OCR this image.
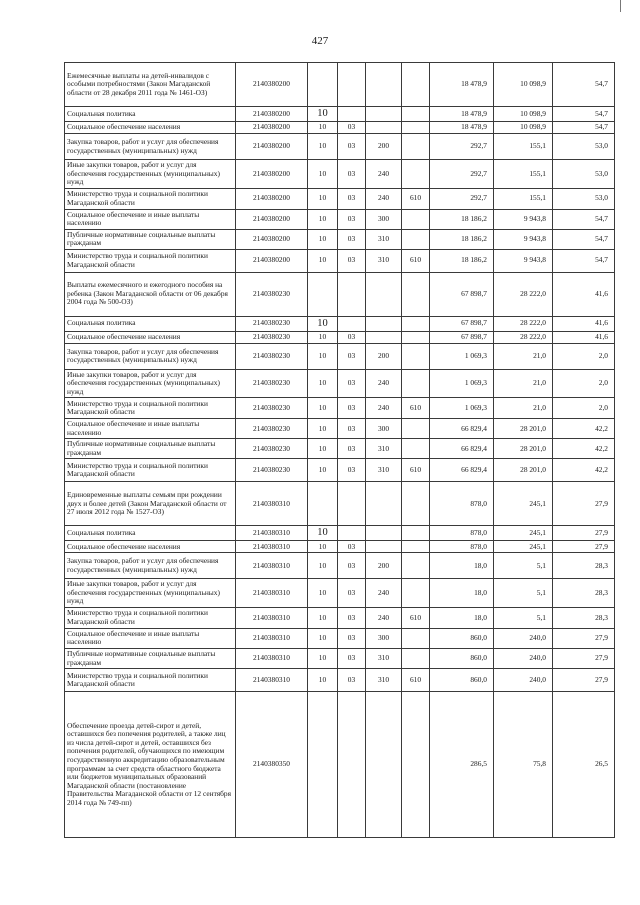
427
Ежемесячные выплаты на детей-инвалидов с особыми потребностями (Закон Магаданской области от 28 декабря 2011 года № 1461-ОЗ)	2140380200					18 478,9	10 098,9	54,7
Социальная политика	2140380200	10				18 478,9	10 098,9	54,7
Социальное обеспечение населения	2140380200	10	03			18 478,9	10 098,9	54,7
Закупка товаров, работ и услуг для обеспечения государственных (муниципальных) нужд	2140380200	10	03	200		292,7	155,1	53,0
Иные закупки товаров, работ и услуг для обеспечения государственных (муниципальных) нужд	2140380200	10	03	240		292,7	155,1	53,0
Министерство труда и социальной политики Магаданской области	2140380200	10	03	240	610	292,7	155,1	53,0
Социальное обеспечение и иные выплаты населению	2140380200	10	03	300		18 186,2	9 943,8	54,7
Публичные нормативные социальные выплаты гражданам	2140380200	10	03	310		18 186,2	9 943,8	54,7
Министерство труда и социальной политики Магаданской области	2140380200	10	03	310	610	18 186,2	9 943,8	54,7
Выплаты ежемесячного и ежегодного пособия на ребенка (Закон Магаданской области от 06 декабря 2004 года № 500-ОЗ)	2140380230					67 898,7	28 222,0	41,6
Социальная политика	2140380230	10				67 898,7	28 222,0	41,6
Социальное обеспечение населения	2140380230	10	03			67 898,7	28 222,0	41,6
Закупка товаров, работ и услуг для обеспечения государственных (муниципальных) нужд	2140380230	10	03	200		1 069,3	21,0	2,0
Иные закупки товаров, работ и услуг для обеспечения государственных (муниципальных) нужд	2140380230	10	03	240		1 069,3	21,0	2,0
Министерство труда и социальной политики Магаданской области	2140380230	10	03	240	610	1 069,3	21,0	2,0
Социальное обеспечение и иные выплаты населению	2140380230	10	03	300		66 829,4	28 201,0	42,2
Публичные нормативные социальные выплаты гражданам	2140380230	10	03	310		66 829,4	28 201,0	42,2
Министерство труда и социальной политики Магаданской области	2140380230	10	03	310	610	66 829,4	28 201,0	42,2
Единовременные выплаты семьям при рождении двух и более детей (Закон Магаданской области от 27 июля 2012 года № 1527-ОЗ)	2140380310					878,0	245,1	27,9
Социальная политика	2140380310	10				878,0	245,1	27,9
Социальное обеспечение населения	2140380310	10	03			878,0	245,1	27,9
Закупка товаров, работ и услуг для обеспечения государственных (муниципальных) нужд	2140380310	10	03	200		18,0	5,1	28,3
Иные закупки товаров, работ и услуг для обеспечения государственных (муниципальных) нужд	2140380310	10	03	240		18,0	5,1	28,3
Министерство труда и социальной политики Магаданской области	2140380310	10	03	240	610	18,0	5,1	28,3
Социальное обеспечение и иные выплаты населению	2140380310	10	03	300		860,0	240,0	27,9
Публичные нормативные социальные выплаты гражданам	2140380310	10	03	310		860,0	240,0	27,9
Министерство труда и социальной политики Магаданской области	2140380310	10	03	310	610	860,0	240,0	27,9
Обеспечение проезда детей-сирот и детей, оставшихся без попечения родителей, а также лиц из числа детей-сирот и детей, оставшихся без попечения родителей, обучающихся по имеющим государственную аккредитацию образовательным программам за счет средств областного бюджета или бюджетов муниципальных образований Магаданской области (постановление Правительства Магаданской области от 12 сентября 2014 года № 749-пп)	2140380350					286,5	75,8	26,5
